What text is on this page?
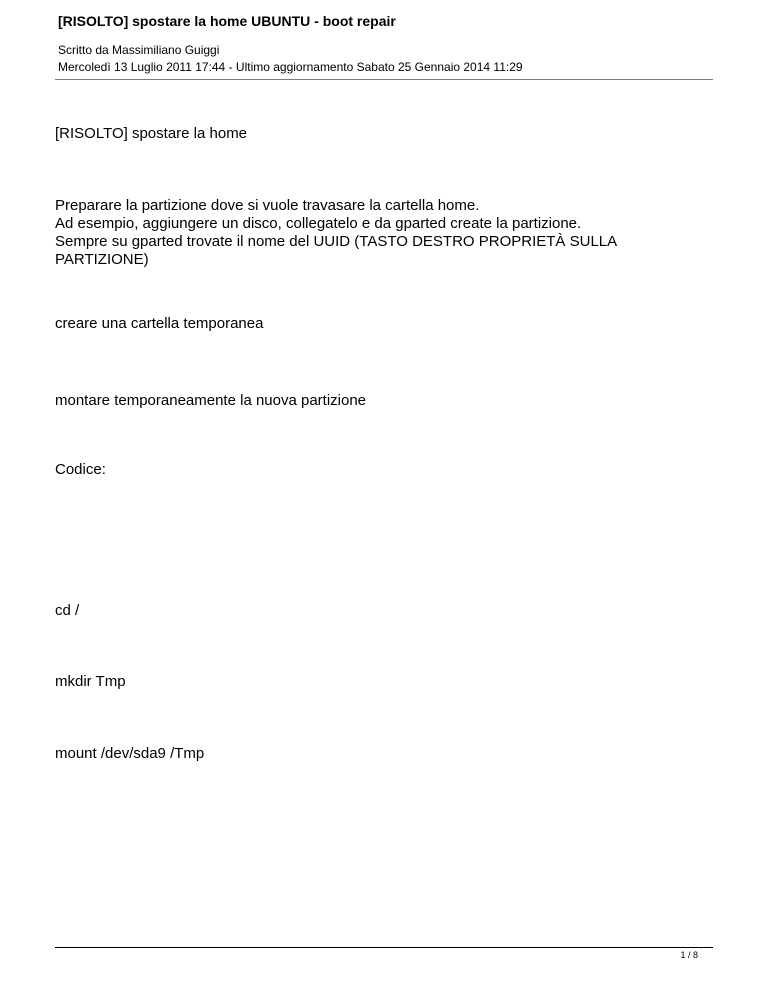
[RISOLTO] spostare la home UBUNTU - boot repair
Scritto da Massimiliano Guiggi
Mercoledì 13 Luglio 2011 17:44 - Ultimo aggiornamento Sabato 25 Gennaio 2014 11:29
[RISOLTO] spostare la home
Preparare la partizione dove si vuole travasare la cartella home.
Ad esempio, aggiungere un disco, collegatelo e da gparted create la partizione.
Sempre su gparted trovate il nome del UUID (TASTO DESTRO PROPRIETÀ SULLA
PARTIZIONE)
creare una cartella temporanea
montare temporaneamente la nuova partizione
Codice:
cd /
mkdir Tmp
mount /dev/sda9 /Tmp
1 / 8
